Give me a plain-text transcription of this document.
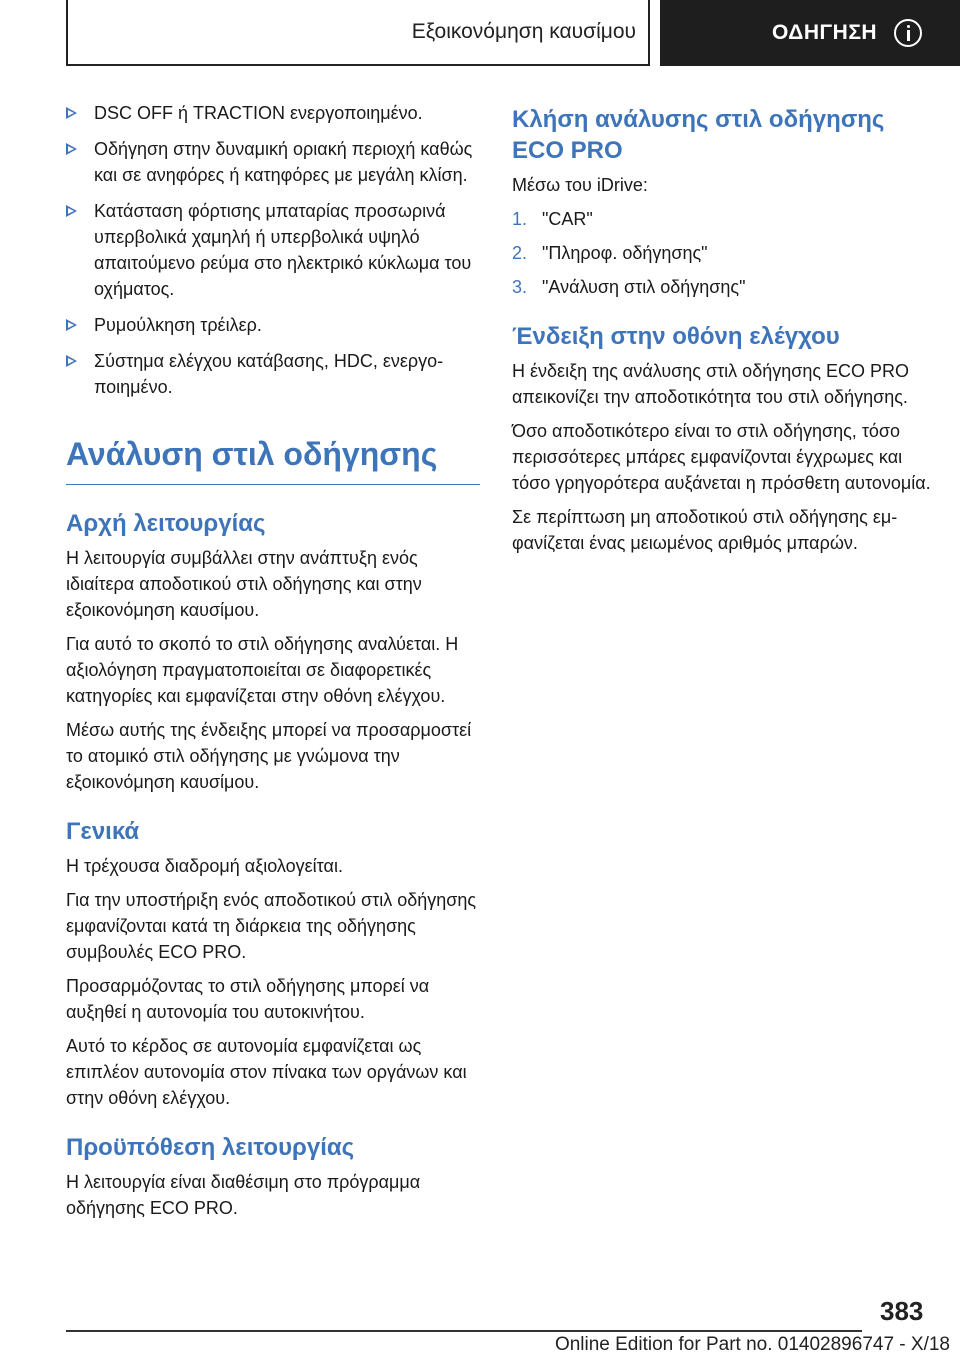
Εξοικονόμηση καυσίμου	ΟΔΗΓΗΣΗ
DSC OFF ή TRACTION ενεργοποιημένο.
Οδήγηση στην δυναμική οριακή περιοχή καθώς και σε ανηφόρες ή κατηφόρες με μεγάλη κλίση.
Κατάσταση φόρτισης μπαταρίας προσωρινά υπερβολικά χαμηλή ή υπερβολικά υψηλό απαιτούμενο ρεύμα στο ηλεκτρικό κύκλωμα του οχήματος.
Ρυμούλκηση τρέιλερ.
Σύστημα ελέγχου κατάβασης, HDC, ενεργοποιημένο.
Ανάλυση στιλ οδήγησης
Αρχή λειτουργίας

Η λειτουργία συμβάλλει στην ανάπτυξη ενός ιδιαίτερα αποδοτικού στιλ οδήγησης και στην εξοικονόμηση καυσίμου.

Για αυτό το σκοπό το στιλ οδήγησης αναλύεται. Η αξιολόγηση πραγματοποιείται σε διαφορετικές κατηγορίες και εμφανίζεται στην οθόνη ελέγχου.

Μέσω αυτής της ένδειξης μπορεί να προσαρμοστεί το ατομικό στιλ οδήγησης με γνώμονα την εξοικονόμηση καυσίμου.

Γενικά

Η τρέχουσα διαδρομή αξιολογείται.

Για την υποστήριξη ενός αποδοτικού στιλ οδήγησης εμφανίζονται κατά τη διάρκεια της οδήγησης συμβουλές ECO PRO.

Προσαρμόζοντας το στιλ οδήγησης μπορεί να αυξηθεί η αυτονομία του αυτοκινήτου.

Αυτό το κέρδος σε αυτονομία εμφανίζεται ως επιπλέον αυτονομία στον πίνακα των οργάνων και στην οθόνη ελέγχου.

Προϋπόθεση λειτουργίας

Η λειτουργία είναι διαθέσιμη στο πρόγραμμα οδήγησης ECO PRO.

Κλήση ανάλυσης στιλ οδήγησης ECO PRO

Μέσω του iDrive:

1. "CAR"
2. "Πληροφ. οδήγησης"
3. "Ανάλυση στιλ οδήγησης"
Ένδειξη στην οθόνη ελέγχου

Η ένδειξη της ανάλυσης στιλ οδήγησης ECO PRO απεικονίζει την αποδοτικότητα του στιλ οδήγησης.

Όσο αποδοτικότερο είναι το στιλ οδήγησης, τόσο περισσότερες μπάρες εμφανίζονται έγχρωμες και τόσο γρηγορότερα αυξάνεται η πρόσθετη αυτονομία.

Σε περίπτωση μη αποδοτικού στιλ οδήγησης εμφανίζεται ένας μειωμένος αριθμός μπαρών.

383
Online Edition for Part no. 01402896747 - X/18
